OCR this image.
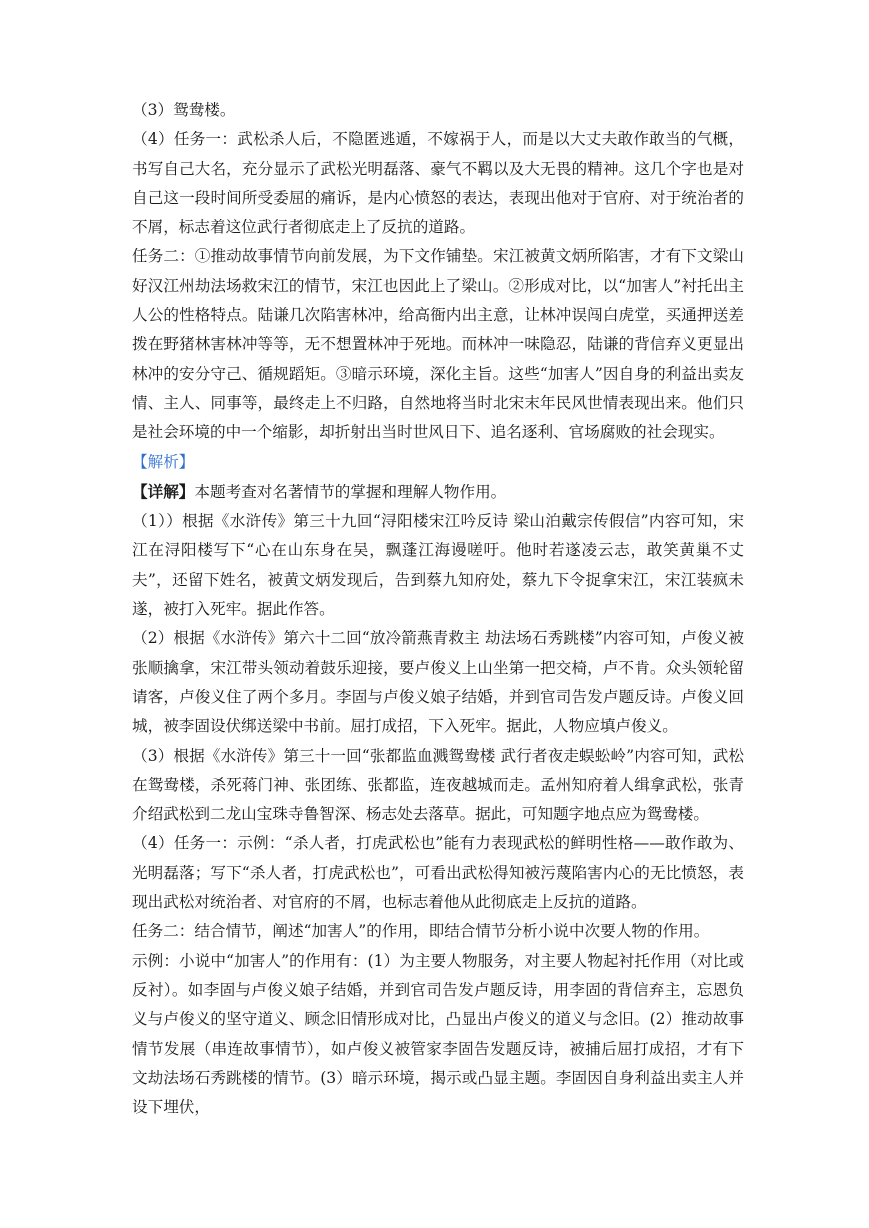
（3）鸳鸯楼。

（4）任务一：武松杀人后，不隐匿逃遁，不嫁祸于人，而是以大丈夫敢作敢当的气概，书写自己大名，充分显示了武松光明磊落、豪气不羁以及大无畏的精神。这几个字也是对自己这一段时间所受委屈的痛诉，是内心愤怒的表达，表现出他对于官府、对于统治者的不屑，标志着这位武行者彻底走上了反抗的道路。

任务二：①推动故事情节向前发展，为下文作铺垫。宋江被黄文炳所陷害，才有下文梁山好汉江州劫法场救宋江的情节，宋江也因此上了梁山。②形成对比，以“加害人”衬托出主人公的性格特点。陆谦几次陷害林冲，给高衙内出主意，让林冲误闯白虎堂，买通押送差拨在野猪林害林冲等等，无不想置林冲于死地。而林冲一味隐忍，陆谦的背信弃义更显出林冲的安分守己、循规蹈矩。③暗示环境，深化主旨。这些“加害人”因自身的利益出卖友情、主人、同事等，最终走上不归路，自然地将当时北宋末年民风世情表现出来。他们只是社会环境的中一个缩影，却折射出当时世风日下、追名逐利、官场腐败的社会现实。

【解析】

【详解】本题考查对名著情节的掌握和理解人物作用。

（1））根据《水浒传》第三十九回“浔阳楼宋江吟反诗 梁山泊戴宗传假信”内容可知，宋江在浔阳楼写下“心在山东身在吴，飘蓬江海谩嗟吁。他时若遂凌云志，敢笑黄巢不丈夫”，还留下姓名，被黄文炳发现后，告到蔡九知府处，蔡九下令捉拿宋江，宋江装疯未遂，被打入死牢。据此作答。

（2）根据《水浒传》第六十二回“放冷箭燕青救主 劫法场石秀跳楼”内容可知，卢俊义被张顺擒拿，宋江带头领动着鼓乐迎接，要卢俊义上山坐第一把交椅，卢不肯。众头领轮留请客，卢俊义住了两个多月。李固与卢俊义娘子结婚，并到官司告发卢题反诗。卢俊义回城，被李固设伏绑送梁中书前。屈打成招，下入死牢。据此，人物应填卢俊义。

（3）根据《水浒传》第三十一回“张都监血溅鸳鸯楼 武行者夜走蜈蚣岭”内容可知，武松在鸳鸯楼，杀死蒋门神、张团练、张都监，连夜越城而走。孟州知府着人缉拿武松，张青介绍武松到二龙山宝珠寺鲁智深、杨志处去落草。据此，可知题字地点应为鸳鸯楼。

（4）任务一：示例：“杀人者，打虎武松也”能有力表现武松的鲜明性格——敢作敢为、光明磊落；写下“杀人者，打虎武松也”，可看出武松得知被污蔑陷害内心的无比愤怒，表现出武松对统治者、对官府的不屑，也标志着他从此彻底走上反抗的道路。

任务二：结合情节，阐述“加害人”的作用，即结合情节分析小说中次要人物的作用。

示例：小说中“加害人”的作用有：(1）为主要人物服务，对主要人物起衬托作用（对比或反衬）。如李固与卢俊义娘子结婚，并到官司告发卢题反诗，用李固的背信弃主，忘恩负义与卢俊义的坚守道义、顾念旧情形成对比，凸显出卢俊义的道义与念旧。(2）推动故事情节发展（串连故事情节），如卢俊义被管家李固告发题反诗，被捕后屈打成招，才有下文劫法场石秀跳楼的情节。(3）暗示环境，揭示或凸显主题。李固因自身利益出卖主人并设下埋伏，
